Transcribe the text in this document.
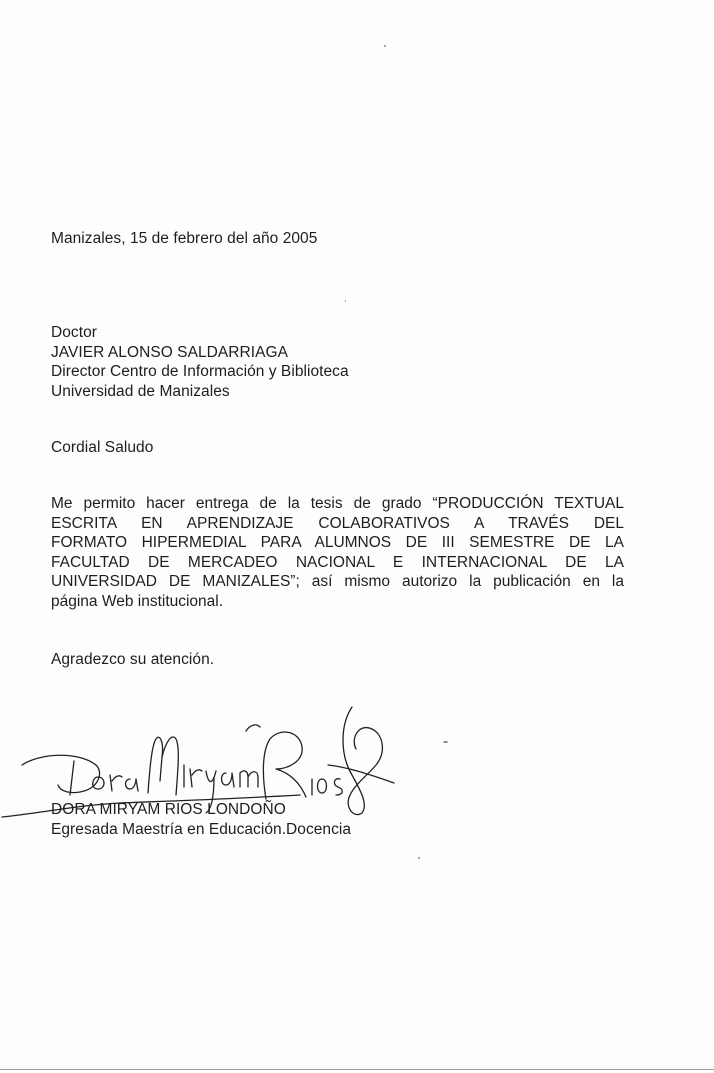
Manizales, 15 de febrero del año 2005
Doctor
JAVIER ALONSO SALDARRIAGA
Director Centro de Información y Biblioteca
Universidad de Manizales
Cordial Saludo
Me permito hacer entrega de la tesis de grado “PRODUCCIÓN TEXTUAL
ESCRITA EN APRENDIZAJE COLABORATIVOS A TRAVÉS DEL
FORMATO HIPERMEDIAL PARA ALUMNOS DE III SEMESTRE DE LA
FACULTAD DE MERCADEO NACIONAL E INTERNACIONAL DE LA
UNIVERSIDAD DE MANIZALES”; así mismo autorizo la publicación en la
página Web institucional.
Agradezco su atención.
DORA MIRYAM RIOS LONDOÑO
Egresada Maestría en Educación.Docencia
